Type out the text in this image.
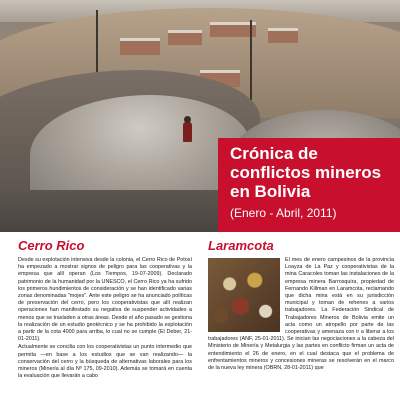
Crónica de conflictos mineros en Bolivia

(Enero - Abril, 2011)

Cerro Rico

Desde su explotación intensiva desde la colonia, el Cerro Rico de Potosí ha empezado a mostrar signos de peligro para las cooperativas y la empresa que allí operan (Los Tiempos, 19-07-2009). Declarado patrimonio de la humanidad por la UNESCO, el Cerro Rico ya ha sufrido los primeros hundimientos de consideración y se han identificado varias zonas denominadas "mojes". Ante este peligro se ha anunciado políticas de preservación del cerro, pero los cooperativistas que allí realizan operaciones han manifestado su negativa de suspender actividades a menos que se trasladen a otras áreas. Desde el año pasado se gestiona la realización de un estudio geotécnico y se ha prohibido la explotación a partir de la cota 4000 para arriba, lo cual no se cumple (El Deber, 21-01-2011).

Actualmente se concilia con los cooperativistas un punto intermedio que permita —en base a los estudios que se van realizando— la conservación del cerro y la búsqueda de alternativas laborales para los mineros (Minería al día Nº 175, 09-2010). Además se tomará en cuenta la evaluación que llevarán a cabo

Laramcota

El mes de enero campesinos de la provincia Loayza de La Paz y cooperativistas de la mina Caracoles toman las instalaciones de la empresa minera Barrosquira, propiedad de Fernando Killman en Laramcota, reclamando que dicha mina está en su jurisdicción municipal y toman de rehenes a varios trabajadores. La Federación Sindical de Trabajadores Mineros de Bolivia emite un acta como un atropello por parte de las cooperativas y amenaza con ir a liberar a los trabajadores (ANF, 25-01-2011). Se inician las negociaciones a la cabeza del Ministerio de Minería y Metalurgia y las partes en conflicto firman un acta de entendimiento el 26 de enero, en el cual destaca que el problema de enfrentamientos mineros y concesiones mineras se resolverán en el marco de la nueva ley minera (OBRN, 28-01-2011) que
